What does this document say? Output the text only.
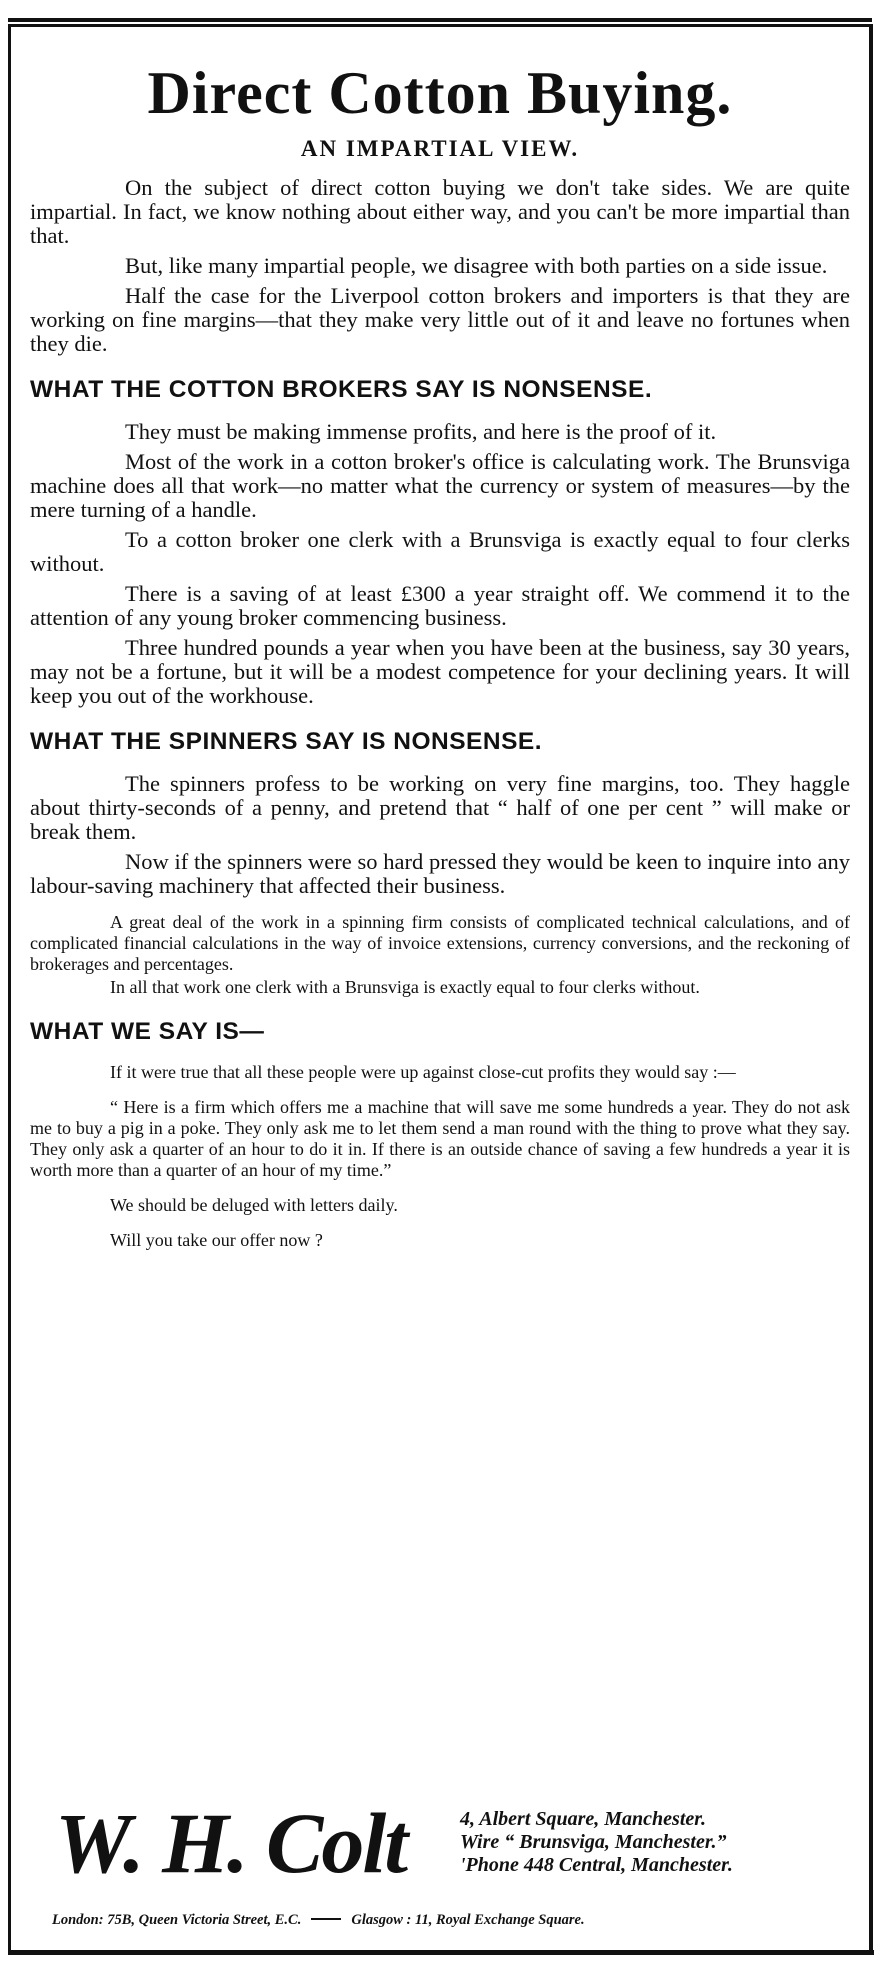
Direct Cotton Buying.
AN IMPARTIAL VIEW.

On the subject of direct cotton buying we don't take sides. We are quite impartial. In fact, we know nothing about either way, and you can't be more impartial than that.

But, like many impartial people, we disagree with both parties on a side issue.

Half the case for the Liverpool cotton brokers and importers is that they are working on fine margins—that they make very little out of it and leave no fortunes when they die.

WHAT THE COTTON BROKERS SAY IS NONSENSE.

They must be making immense profits, and here is the proof of it.

Most of the work in a cotton broker's office is calculating work. The Brunsviga machine does all that work—no matter what the currency or system of measures—by the mere turning of a handle.

To a cotton broker one clerk with a Brunsviga is exactly equal to four clerks without.

There is a saving of at least £300 a year straight off. We commend it to the attention of any young broker commencing business.

Three hundred pounds a year when you have been at the business, say 30 years, may not be a fortune, but it will be a modest competence for your declining years. It will keep you out of the workhouse.

WHAT THE SPINNERS SAY IS NONSENSE.

The spinners profess to be working on very fine margins, too. They haggle about thirty-seconds of a penny, and pretend that “ half of one per cent ” will make or break them.

Now if the spinners were so hard pressed they would be keen to inquire into any labour-saving machinery that affected their business.

A great deal of the work in a spinning firm consists of complicated technical calculations, and of complicated financial calculations in the way of invoice extensions, currency conversions, and the reckoning of brokerages and percentages.

In all that work one clerk with a Brunsviga is exactly equal to four clerks without.

WHAT WE SAY IS—

If it were true that all these people were up against close-cut profits they would say :—

“ Here is a firm which offers me a machine that will save me some hundreds a year. They do not ask me to buy a pig in a poke. They only ask me to let them send a man round with the thing to prove what they say. They only ask a quarter of an hour to do it in. If there is an outside chance of saving a few hundreds a year it is worth more than a quarter of an hour of my time.”

We should be deluged with letters daily.

Will you take our offer now ?

W. H. Colt	4, Albert Square, Manchester.
Wire “ Brunsviga, Manchester.”
'Phone 448 Central, Manchester.
London: 75B, Queen Victoria Street, E.C.	Glasgow : 11, Royal Exchange Square.
